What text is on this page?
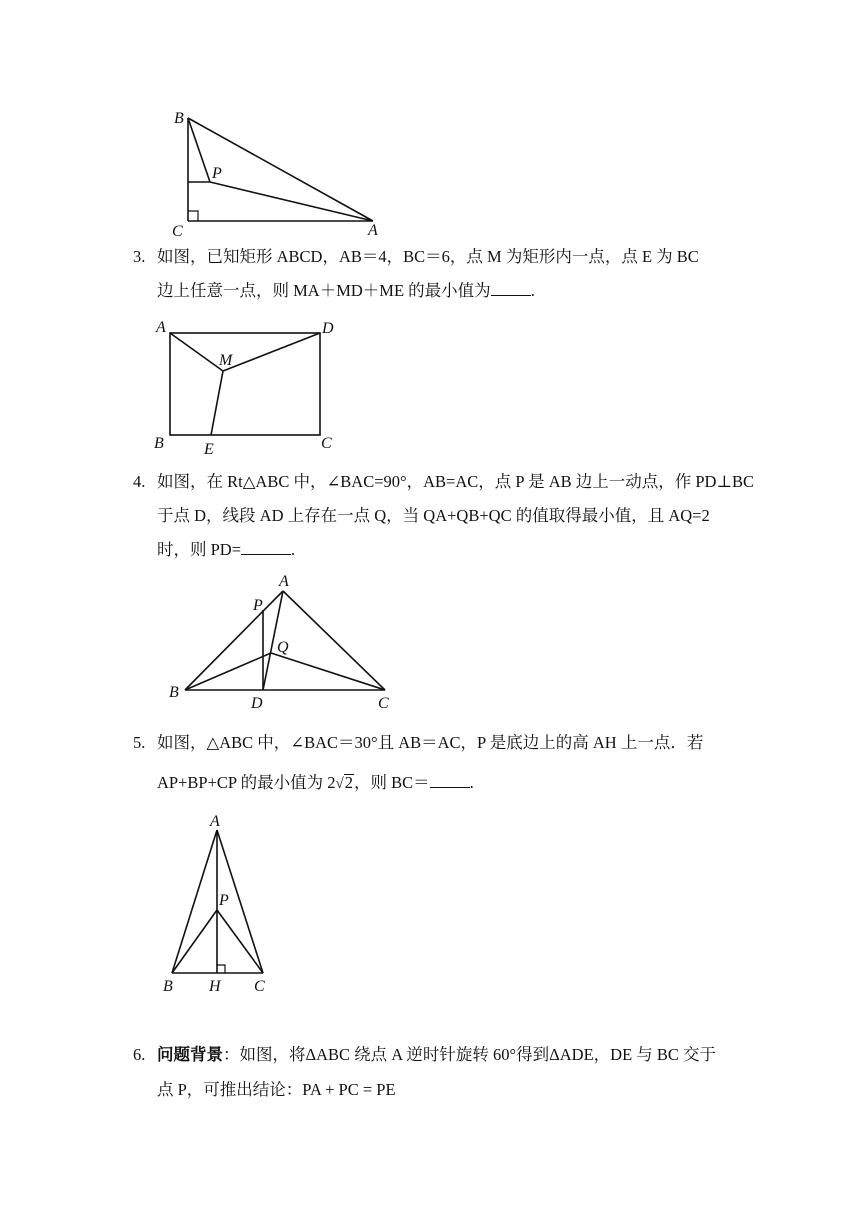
B
P
C	A
3. 如图，已知矩形 ABCD，AB＝4，BC＝6，点 M 为矩形内一点，点 E 为 BC
边上任意一点，则 MA＋MD＋ME 的最小值为 .
A	D
M
B	E	C
4. 如图，在 Rt△ABC 中，∠BAC=90°，AB=AC，点 P 是 AB 边上一动点，作 PD⊥BC
于点 D，线段 AD 上存在一点 Q，当 QA+QB+QC 的值取得最小值，且 AQ=2
时，则 PD=	.
A
P
Q
B
D	C
5. 如图，△ABC 中，∠BAC＝30°且 AB＝AC，P 是底边上的高 AH 上一点．若
AP+BP+CP 的最小值为 2√2，则 BC＝ .
A
P
B H C
6. 问题背景：如图，将ΔABC 绕点 A 逆时针旋转 60°得到ΔADE，DE 与 BC 交于
点 P，可推出结论：PA + PC = PE
